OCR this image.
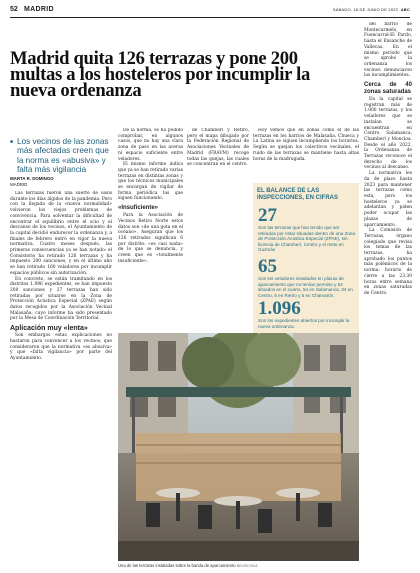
52 MADRID	SÁBADO, 18 DE JUNIO DE 2022 ABC
Madrid quita 126 terrazas y pone 200 multas a los hosteleros por incumplir la nueva ordenanza

■ Los vecinos de las zonas más afectadas creen que la norma es «abusiva» y falta más vigilancia

MARTA R. DOMINGO
MADRID

Las terrazas fueron una suerte de oasis durante los días álgidos de la pandemia. Pero con la llegada de la «nueva normalidad» volvieron los viejos problemas de convivencia. Para solventar la dificultad de encontrar el equilibrio entre el ocio y el descanso de los vecinos, el Ayuntamiento de la capital decidió endurecer la ordenanza y, a finales de febrero entró en vigor la nueva normativa. Cuatro meses después, las primeras consecuencias ya se han notado: el Consistorio ha retirado 126 terrazas y ha impuesto 200 sanciones, y en el último año se han retirado 160 veladores por incumplir espacios públicos sin autorización.

En concreto, se están tramitando en los distritos 1.096 expedientes, se han impuesto 200 sanciones y 27 terrazas han sido retiradas por situarse en la Zona de Protección Acústica Especial (ZPAE) según datos recogidos por la Asociación Vecinal Malasaña, cuyo informe ha sido presentado por la Mesa de Coordinación Territorial.

Aplicación muy «lenta»

Son embargos estas explicaciones no bastaron para convencer a los vecinos, que consideraron que la normativa «es abusiva» y que «falta vigilancia» por parte del Ayuntamiento.

De la norma, se ha podido comprobar, en algunos casos, que no hay una clara zona de paso en las aceras ni espacio suficiente entre veladores.

El mismo informe indica que ya se han retirado varias terrazas en distintas zonas y que los técnicos municipales se encargan de vigilar de forma periódica las que siguen funcionando.

«Insuficiente»

Para la Asociación de Vecinos Retiro Norte estos datos son «de una gota en el océano». Aseguran que los 126 retirados significan 6 por distrito: «es casi nada» de lo que se denuncia, y creen que es «totalmente insuficiente».

de Chamberí y Retiro, pero el mapa dibujado por la Federación Regional de Asociaciones Vecinales de Madrid (FRAVM) recoge todas las quejas, las cuales se concentran en el centro.

Hoy vemos que en zonas como el de las terrazas en los barrios de Malasaña, Chueca y La Latina se siguen incumpliendo los horarios. Según se quejan los colectivos vecinales, el ruido de las terrazas se mantiene hasta altas horas de la madrugada.

EL BALANCE DE LAS INSPECCIONES, EN CIFRAS
27
Son las terrazas que han tenido que ser retiradas por estar situadas dentro de una Zona de Protección Acústica Especial (ZPAE), sin licencia de Chamberí, Centro y el resto en Guzmán
65
Son los veladores instalados en plazas de aparcamiento que no tenían permiso y 54 situados en el cuarto, 54 en Salamanca, 34 en Centro, 6 en Retiro y 5 en Chamartín.
1.096
Son los expedientes abiertos por incumplir la nueva ordenanza.

del barrio de Montecarmelo, en Fuencarral-El Pardo, hasta el Ensanche de Vallecas. En el mismo período que se aprobó la ordenanza los vecinos denunciaron las incumplimientos.

Cerca de 40 zonas saturadas

En la capital se registran más de 1.000 terrazas, y los veladores que se instalan se encuentran en Centro, Salamanca, Chamberí y Moncloa. Desde el año 2022, la Ordenanza de Terrazas reconoce el derecho de los vecinos al descanso.

La normativa les da de plazo hasta 2023 para mantener las terrazas como está, pero los hosteleros ya se adelantan y piden poder ocupar las plazas de aparcamiento.

La Comisión de Terrazas, órgano colegiado que revisa los temas de las terrazas, ha aprobado los puntos más polémicos de la norma: horario de cierre a las 23.30 horas entre semana en zonas saturadas de Centro.

Una de las terrazas instaladas sobre la banda de aparcamiento BELÉN DÍAZ
